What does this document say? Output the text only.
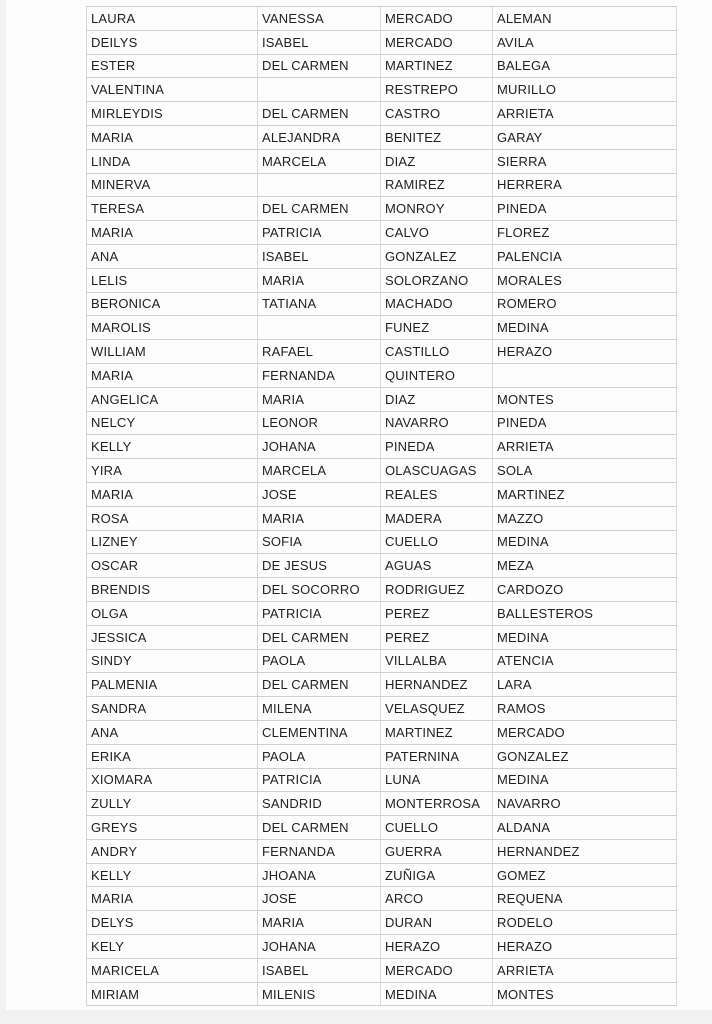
LAURA	VANESSA	MERCADO	ALEMAN
DEILYS	ISABEL	MERCADO	AVILA
ESTER	DEL CARMEN	MARTINEZ	BALEGA
VALENTINA		RESTREPO	MURILLO
MIRLEYDIS	DEL CARMEN	CASTRO	ARRIETA
MARIA	ALEJANDRA	BENITEZ	GARAY
LINDA	MARCELA	DIAZ	SIERRA
MINERVA		RAMIREZ	HERRERA
TERESA	DEL CARMEN	MONROY	PINEDA
MARIA	PATRICIA	CALVO	FLOREZ
ANA	ISABEL	GONZALEZ	PALENCIA
LELIS	MARIA	SOLORZANO	MORALES
BERONICA	TATIANA	MACHADO	ROMERO
MAROLIS		FUNEZ	MEDINA
WILLIAM	RAFAEL	CASTILLO	HERAZO
MARIA	FERNANDA	QUINTERO	
ANGELICA	MARIA	DIAZ	MONTES
NELCY	LEONOR	NAVARRO	PINEDA
KELLY	JOHANA	PINEDA	ARRIETA
YIRA	MARCELA	OLASCUAGAS	SOLA
MARIA	JOSE	REALES	MARTINEZ
ROSA	MARIA	MADERA	MAZZO
LIZNEY	SOFIA	CUELLO	MEDINA
OSCAR	DE JESUS	AGUAS	MEZA
BRENDIS	DEL SOCORRO	RODRIGUEZ	CARDOZO
OLGA	PATRICIA	PEREZ	BALLESTEROS
JESSICA	DEL CARMEN	PEREZ	MEDINA
SINDY	PAOLA	VILLALBA	ATENCIA
PALMENIA	DEL CARMEN	HERNANDEZ	LARA
SANDRA	MILENA	VELASQUEZ	RAMOS
ANA	CLEMENTINA	MARTINEZ	MERCADO
ERIKA	PAOLA	PATERNINA	GONZALEZ
XIOMARA	PATRICIA	LUNA	MEDINA
ZULLY	SANDRID	MONTERROSA	NAVARRO
GREYS	DEL CARMEN	CUELLO	ALDANA
ANDRY	FERNANDA	GUERRA	HERNANDEZ
KELLY	JHOANA	ZUÑIGA	GOMEZ
MARIA	JOSE	ARCO	REQUENA
DELYS	MARIA	DURAN	RODELO
KELY	JOHANA	HERAZO	HERAZO
MARICELA	ISABEL	MERCADO	ARRIETA
MIRIAM	MILENIS	MEDINA	MONTES
